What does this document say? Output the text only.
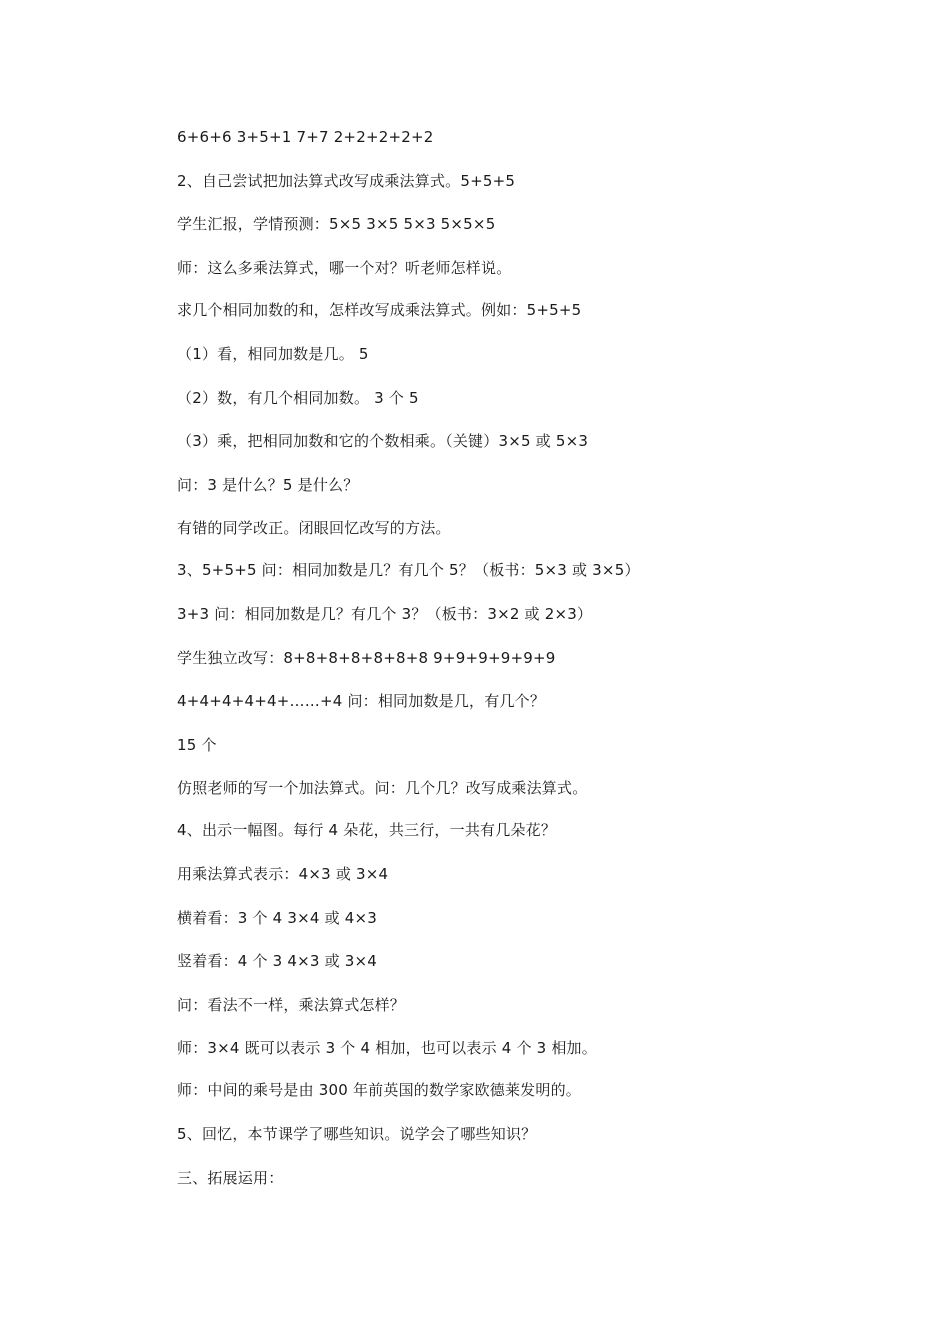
6+6+6 3+5+1 7+7 2+2+2+2+2
2、自己尝试把加法算式改写成乘法算式。5+5+5
学生汇报，学情预测：5×5 3×5 5×3 5×5×5
师：这么多乘法算式，哪一个对？听老师怎样说。
求几个相同加数的和，怎样改写成乘法算式。例如：5+5+5
（1）看，相同加数是几。 5
（2）数，有几个相同加数。 3 个 5
（3）乘，把相同加数和它的个数相乘。（关键）3×5 或 5×3
问：3 是什么？5 是什么？
有错的同学改正。闭眼回忆改写的方法。
3、5+5+5 问：相同加数是几？有几个 5？（板书：5×3 或 3×5）
3+3 问：相同加数是几？有几个 3？（板书：3×2 或 2×3）
学生独立改写：8+8+8+8+8+8+8 9+9+9+9+9+9
4+4+4+4+4+……+4 问：相同加数是几，有几个？
15 个
仿照老师的写一个加法算式。问：几个几？改写成乘法算式。
4、出示一幅图。每行 4 朵花，共三行，一共有几朵花？
用乘法算式表示：4×3 或 3×4
横着看：3 个 4 3×4 或 4×3
竖着看：4 个 3 4×3 或 3×4
问：看法不一样，乘法算式怎样？
师：3×4 既可以表示 3 个 4 相加，也可以表示 4 个 3 相加。
师：中间的乘号是由 300 年前英国的数学家欧德莱发明的。
5、回忆，本节课学了哪些知识。说学会了哪些知识？
三、拓展运用：
